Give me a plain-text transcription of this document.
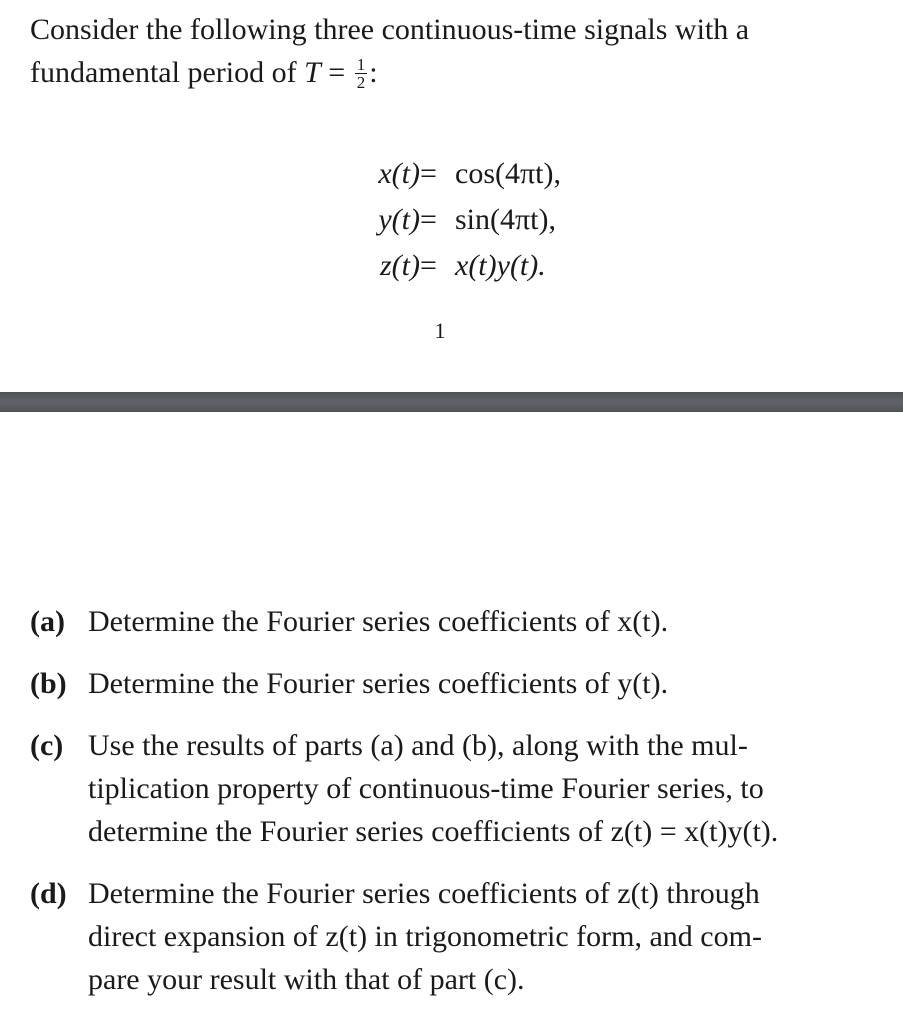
Consider the following three continuous-time signals with a
fundamental period of $T = \frac{1}{2}$ :
x(t) = cos(4πt),
y(t) = sin(4πt),
z(t) = x(t)y(t).
1
(a) Determine the Fourier series coefficients of x(t).
(b) Determine the Fourier series coefficients of y(t).
(c) Use the results of parts (a) and (b), along with the mul-
tiplication property of continuous-time Fourier series, to
determine the Fourier series coefficients of z(t) = x(t)y(t).
(d) Determine the Fourier series coefficients of z(t) through
direct expansion of z(t) in trigonometric form, and com-
pare your result with that of part (c).
